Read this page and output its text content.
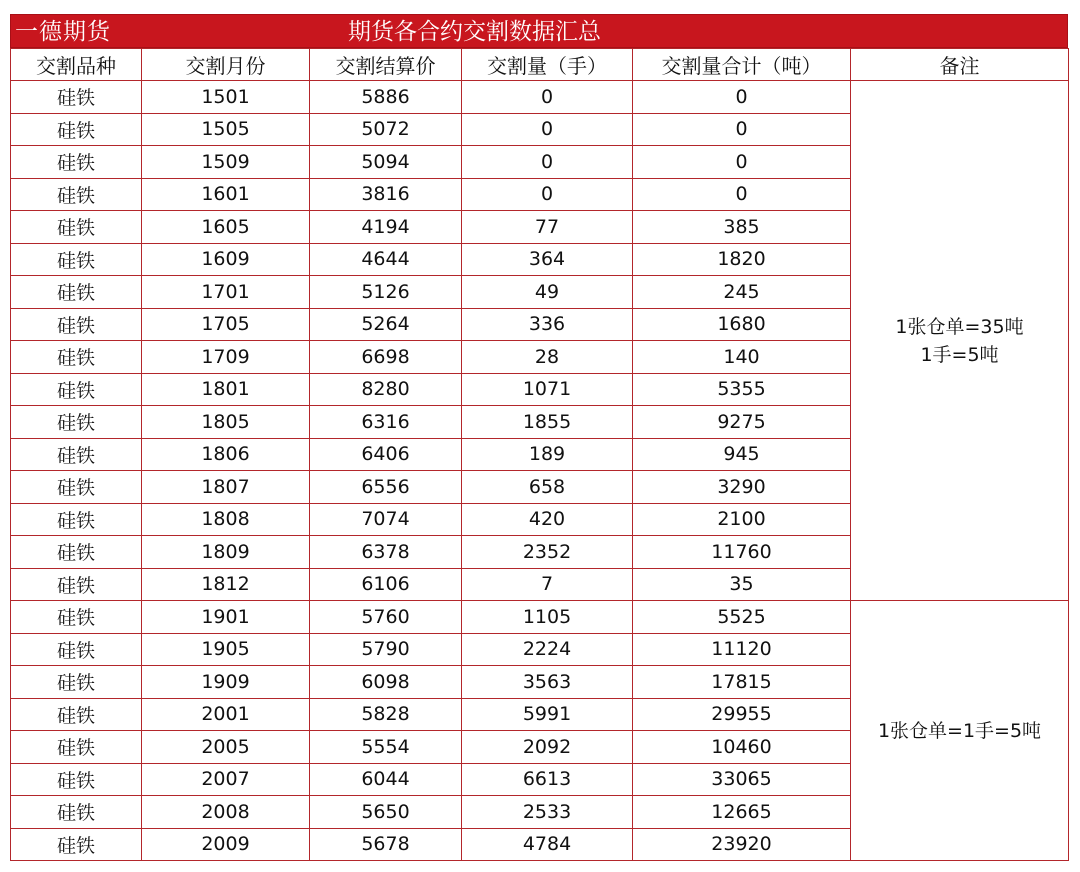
一德期货	期货各合约交割数据汇总
交割品种	交割月份	交割结算价	交割量（手）	交割量合计（吨）	备注
硅铁	1501	5886	0	0	1张仓单=35吨
1手=5吨

硅铁	1505	5072	0	0	
硅铁	1509	5094	0	0	
硅铁	1601	3816	0	0	
硅铁	1605	4194	77	385	
硅铁	1609	4644	364	1820	
硅铁	1701	5126	49	245	
硅铁	1705	5264	336	1680	
硅铁	1709	6698	28	140	
硅铁	1801	8280	1071	5355	
硅铁	1805	6316	1855	9275	
硅铁	1806	6406	189	945	
硅铁	1807	6556	658	3290	
硅铁	1808	7074	420	2100	
硅铁	1809	6378	2352	11760	
硅铁	1812	6106	7	35	
硅铁	1901	5760	1105	5525	1张仓单=1手=5吨

硅铁	1905	5790	2224	11120	
硅铁	1909	6098	3563	17815	
硅铁	2001	5828	5991	29955	
硅铁	2005	5554	2092	10460	
硅铁	2007	6044	6613	33065	
硅铁	2008	5650	2533	12665	
硅铁	2009	5678	4784	23920	
